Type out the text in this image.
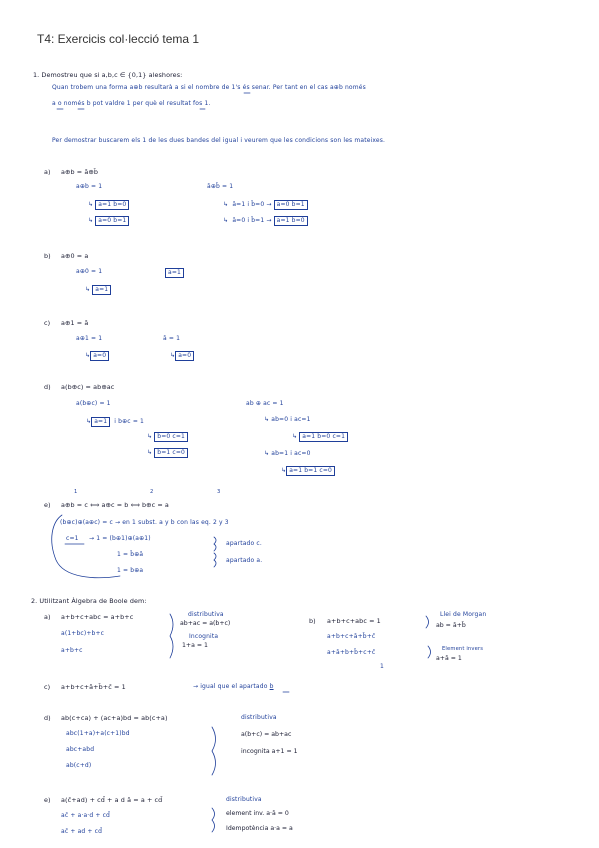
T4: Exercicis col·lecció tema 1
1. Demostreu que si a,b,c ∈ {0,1} aleshores:
Quan trobem una forma a⊕b resultarà a si el nombre de 1's és senar. Per tant en el cas a⊕b només
a o només b pot valdre 1 per què el resultat fos 1.
Per demostrar buscarem els 1 de les dues bandes del igual i veurem que les condicions son les mateixes.
a) a⊕b = ā⊕b̄
a⊕b = 1
↳ a=1 b=0
↳ a=0 b=1
ā⊕b̄ = 1
↳ ā=1 i b̄=0 → a=0 b=1
↳ ā=0 i b̄=1 → a=1 b=0
b) a⊕0 = a
a⊕0 = 1	a=1
↳ a=1
c) a⊕1 = ā
a⊕1 = 1	ā = 1
↳ a=0	↳ a=0
d) a(b⊕c) = ab⊕ac
a(b⊕c) = 1
↳ a=1 i b⊕c = 1
↳ b=0 c=1
↳ b=1 c=0
ab ⊕ ac = 1
↳ ab=0 i ac=1
↳ a=1 b=0 c=1
↳ ab=1 i ac=0
↳ a=1 b=1 c=0
1	2	3
e) a⊕b = c ⟺ a⊕c = b ⟺ b⊕c = a
(b⊕c)⊕(a⊕c) = c → en 1 subst. a y b con las eq. 2 y 3
c=1 → 1 = (b⊕1)⊕(a⊕1)
apartado c.
1 = b̄⊕ā
apartado a.
1 = b⊕a
2. Utilitzant Àlgebra de Boole dem:
a) a+b+c+abc = a+b+c
a(1+bc)+b+c
a+b+c
distributiva
ab+ac = a(b+c)
Incognita
1+a = 1
b) a+b+c+abc = 1
a+b+c+ā+b̄+c̄
a+ā+b+b̄+c+c̄
1
Llei de Morgan
ab = ā+b̄
Element invers
a+ā = 1
c) a+b+c+ā+b̄+c̄ = 1	→ igual que el apartado b
d) ab(c+ca) + (ac+a)bd = ab(c+a)
abc(1+a)+a(c+1)bd
abc+abd
ab(c+d)
distributiva
a(b+c) = ab+ac
incognita a+1 = 1
e) a(c̄+ad) + cd̄ + a d ā = a + cd̄
ac̄ + a·a·d + cd̄
ac̄ + ad + cd̄
distributiva
element inv. a·ā = 0
Idempotència a·a = a
